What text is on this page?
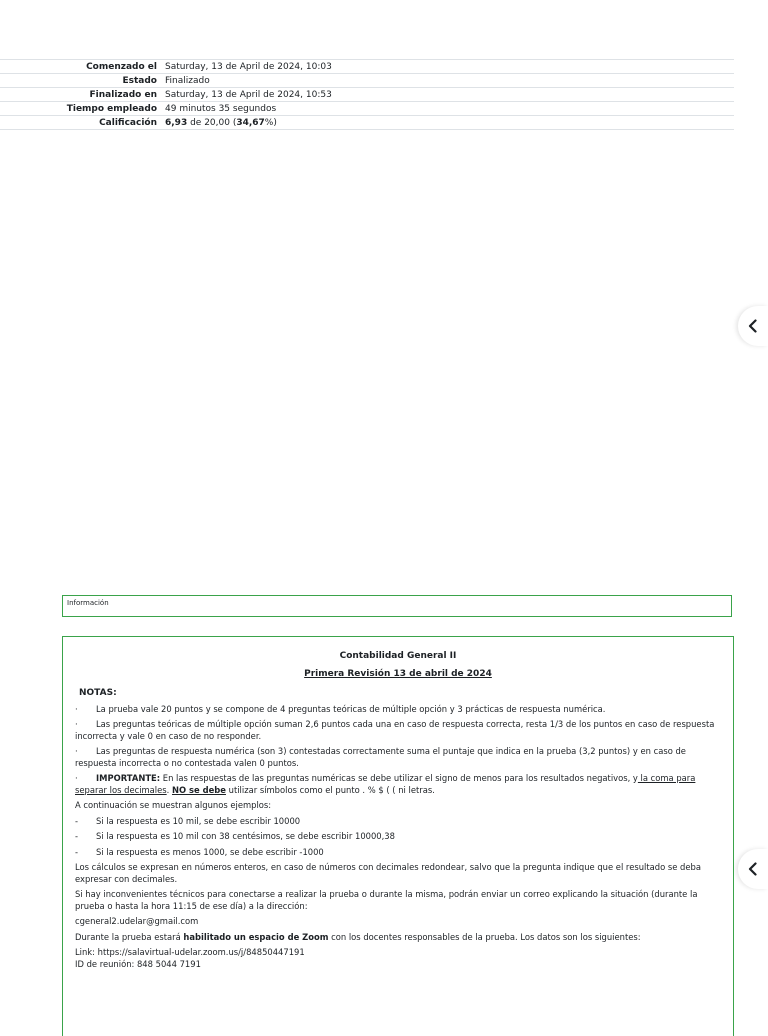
Comenzado el	Saturday, 13 de April de 2024, 10:03
Estado	Finalizado
Finalizado en	Saturday, 13 de April de 2024, 10:53
Tiempo empleado	49 minutos 35 segundos
Calificación	6,93 de 20,00 (34,67%)
Información
Contabilidad General II
Primera Revisión 13 de abril de 2024
NOTAS:
· La prueba vale 20 puntos y se compone de 4 preguntas teóricas de múltiple opción y 3 prácticas de respuesta numérica.
· Las preguntas teóricas de múltiple opción suman 2,6 puntos cada una en caso de respuesta correcta, resta 1/3 de los puntos en caso de respuesta incorrecta y vale 0 en caso de no responder.
· Las preguntas de respuesta numérica (son 3) contestadas correctamente suma el puntaje que indica en la prueba (3,2 puntos) y en caso de respuesta incorrecta o no contestada valen 0 puntos.
· IMPORTANTE: En las respuestas de las preguntas numéricas se debe utilizar el signo de menos para los resultados negativos, y la coma para separar los decimales. NO se debe utilizar símbolos como el punto . % $ ( ( ni letras.
A continuación se muestran algunos ejemplos:
- Si la respuesta es 10 mil, se debe escribir 10000
- Si la respuesta es 10 mil con 38 centésimos, se debe escribir 10000,38
- Si la respuesta es menos 1000, se debe escribir -1000
Los cálculos se expresan en números enteros, en caso de números con decimales redondear, salvo que la pregunta indique que el resultado se deba expresar con decimales.
Si hay inconvenientes técnicos para conectarse a realizar la prueba o durante la misma, podrán enviar un correo explicando la situación (durante la prueba o hasta la hora 11:15 de ese día) a la dirección:
cgeneral2.udelar@gmail.com
Durante la prueba estará habilitado un espacio de Zoom con los docentes responsables de la prueba. Los datos son los siguientes:
Link: https://salavirtual-udelar.zoom.us/j/84850447191
ID de reunión: 848 5044 7191
